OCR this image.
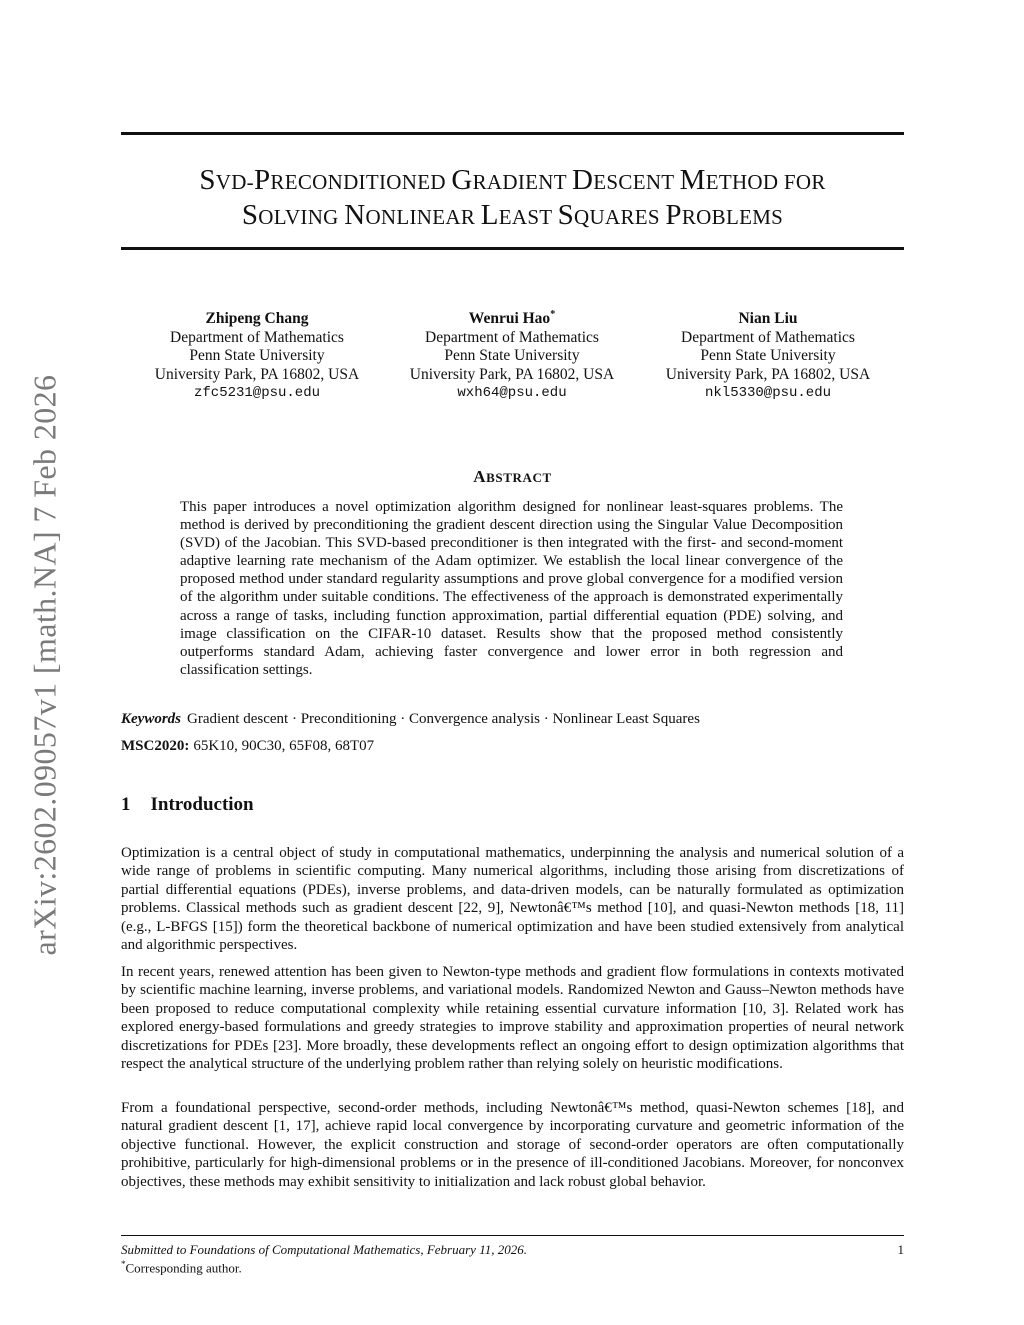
arXiv:2602.09057v1 [math.NA] 7 Feb 2026
SVD-PRECONDITIONED GRADIENT DESCENT METHOD FOR
SOLVING NONLINEAR LEAST SQUARES PROBLEMS
Zhipeng Chang
Department of Mathematics
Penn State University
University Park, PA 16802, USA
zfc5231@psu.edu
Wenrui Hao*
Department of Mathematics
Penn State University
University Park, PA 16802, USA
wxh64@psu.edu
Nian Liu
Department of Mathematics
Penn State University
University Park, PA 16802, USA
nkl5330@psu.edu
ABSTRACT
This paper introduces a novel optimization algorithm designed for nonlinear least-squares problems. The method is derived by preconditioning the gradient descent direction using the Singular Value Decomposition (SVD) of the Jacobian. This SVD-based preconditioner is then integrated with the first- and second-moment adaptive learning rate mechanism of the Adam optimizer. We establish the local linear convergence of the proposed method under standard regularity assumptions and prove global convergence for a modified version of the algorithm under suitable conditions. The effectiveness of the approach is demonstrated experimentally across a range of tasks, including function approximation, partial differential equation (PDE) solving, and image classification on the CIFAR-10 dataset. Results show that the proposed method consistently outperforms standard Adam, achieving faster convergence and lower error in both regression and classification settings.
Keywords Gradient descent · Preconditioning · Convergence analysis · Nonlinear Least Squares
MSC2020: 65K10, 90C30, 65F08, 68T07
1 Introduction

Optimization is a central object of study in computational mathematics, underpinning the analysis and numerical solution of a wide range of problems in scientific computing. Many numerical algorithms, including those arising from discretizations of partial differential equations (PDEs), inverse problems, and data-driven models, can be naturally formulated as optimization problems. Classical methods such as gradient descent [22, 9], Newtonâ€™s method [10], and quasi-Newton methods [18, 11] (e.g., L-BFGS [15]) form the theoretical backbone of numerical optimization and have been studied extensively from analytical and algorithmic perspectives.

In recent years, renewed attention has been given to Newton-type methods and gradient flow formulations in contexts motivated by scientific machine learning, inverse problems, and variational models. Randomized Newton and Gauss–Newton methods have been proposed to reduce computational complexity while retaining essential curvature information [10, 3]. Related work has explored energy-based formulations and greedy strategies to improve stability and approximation properties of neural network discretizations for PDEs [23]. More broadly, these developments reflect an ongoing effort to design optimization algorithms that respect the analytical structure of the underlying problem rather than relying solely on heuristic modifications.

From a foundational perspective, second-order methods, including Newtonâ€™s method, quasi-Newton schemes [18], and natural gradient descent [1, 17], achieve rapid local convergence by incorporating curvature and geometric information of the objective functional. However, the explicit construction and storage of second-order operators are often computationally prohibitive, particularly for high-dimensional problems or in the presence of ill-conditioned Jacobians. Moreover, for nonconvex objectives, these methods may exhibit sensitivity to initialization and lack robust global behavior.

Submitted to Foundations of Computational Mathematics, February 11, 2026.	1
*Corresponding author.
